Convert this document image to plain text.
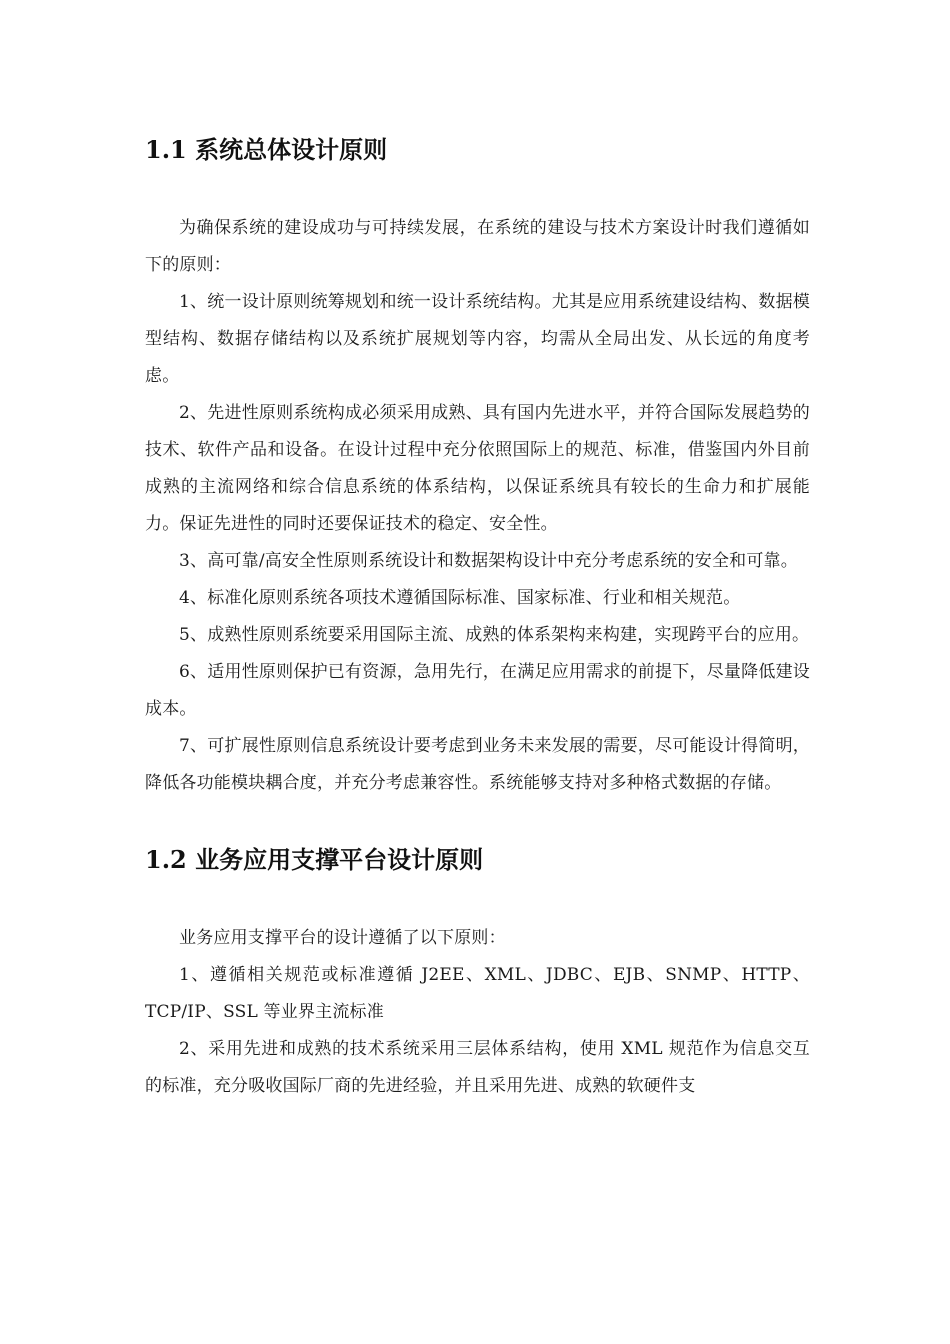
1.1 系统总体设计原则

为确保系统的建设成功与可持续发展，在系统的建设与技术方案设计时我们遵循如下的原则：

1、统一设计原则统筹规划和统一设计系统结构。尤其是应用系统建设结构、数据模型结构、数据存储结构以及系统扩展规划等内容，均需从全局出发、从长远的角度考虑。

2、先进性原则系统构成必须采用成熟、具有国内先进水平，并符合国际发展趋势的技术、软件产品和设备。在设计过程中充分依照国际上的规范、标准，借鉴国内外目前成熟的主流网络和综合信息系统的体系结构，以保证系统具有较长的生命力和扩展能力。保证先进性的同时还要保证技术的稳定、安全性。

3、高可靠/高安全性原则系统设计和数据架构设计中充分考虑系统的安全和可靠。

4、标准化原则系统各项技术遵循国际标准、国家标准、行业和相关规范。

5、成熟性原则系统要采用国际主流、成熟的体系架构来构建，实现跨平台的应用。

6、适用性原则保护已有资源，急用先行，在满足应用需求的前提下，尽量降低建设成本。

7、可扩展性原则信息系统设计要考虑到业务未来发展的需要，尽可能设计得简明，降低各功能模块耦合度，并充分考虑兼容性。系统能够支持对多种格式数据的存储。

1.2 业务应用支撑平台设计原则

业务应用支撑平台的设计遵循了以下原则：

1、遵循相关规范或标准遵循 J2EE、XML、JDBC、EJB、SNMP、HTTP、TCP/IP、SSL 等业界主流标准

2、采用先进和成熟的技术系统采用三层体系结构，使用 XML 规范作为信息交互的标准，充分吸收国际厂商的先进经验，并且采用先进、成熟的软硬件支
